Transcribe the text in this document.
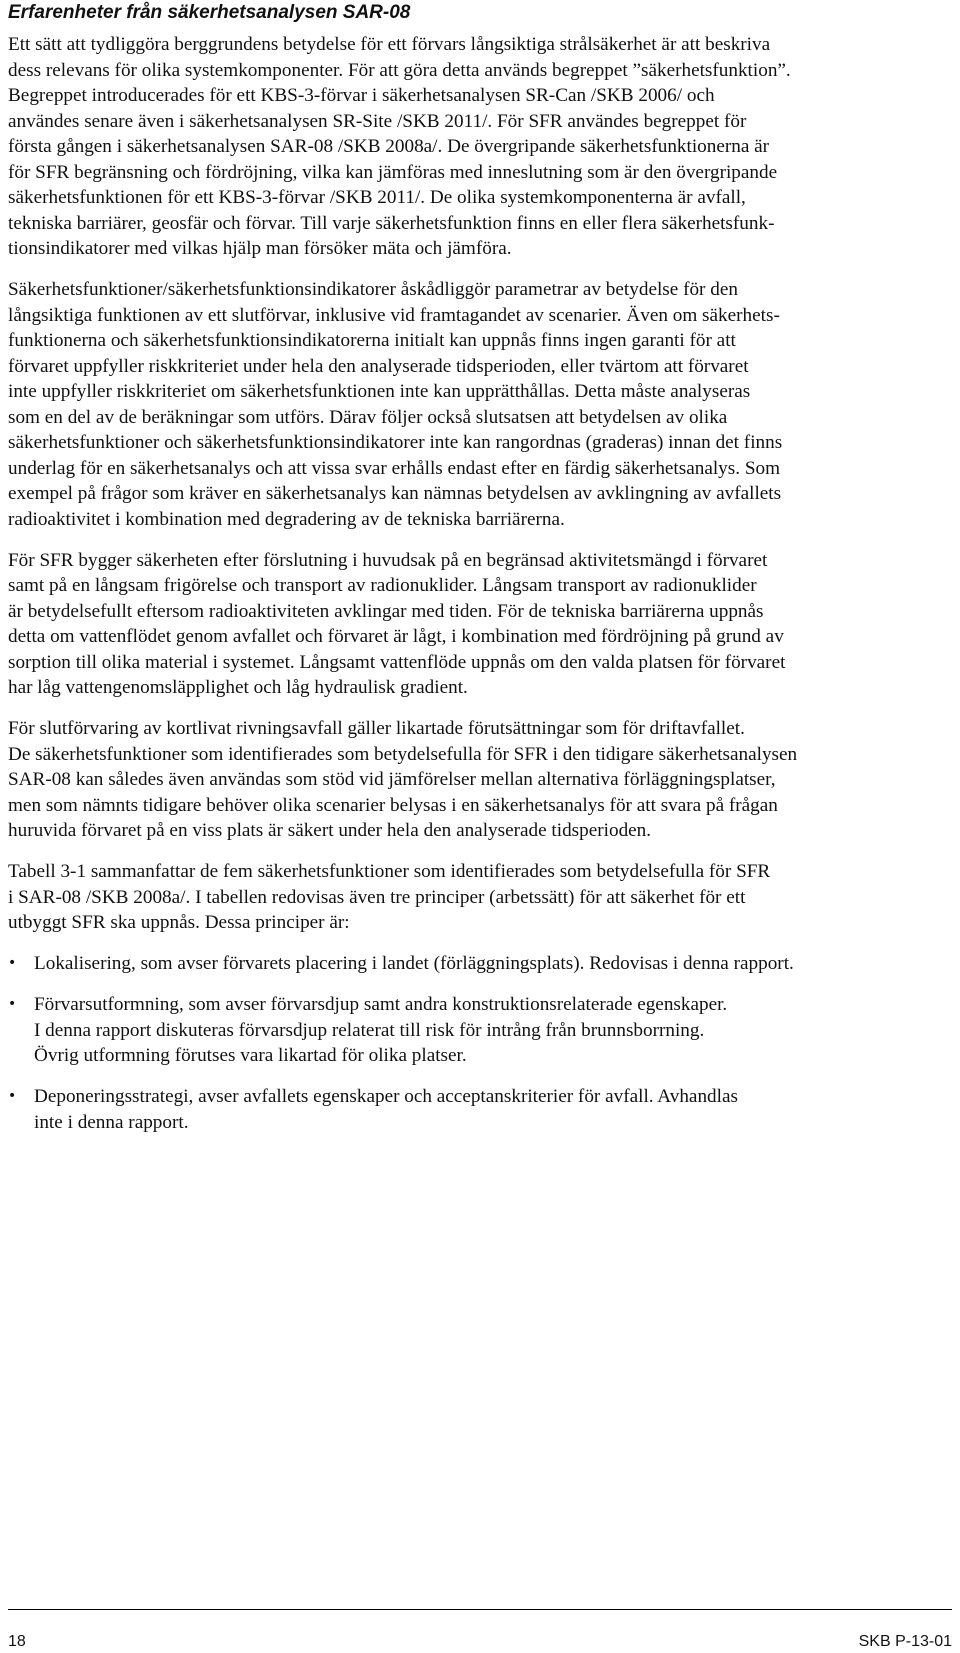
Erfarenheter från säkerhetsanalysen SAR-08

Ett sätt att tydliggöra berggrundens betydelse för ett förvars långsiktiga strålsäkerhet är att beskriva
dess relevans för olika systemkomponenter. För att göra detta används begreppet ”säkerhetsfunktion”.
Begreppet introducerades för ett KBS-3-förvar i säkerhetsanalysen SR-Can /SKB 2006/ och
användes senare även i säkerhetsanalysen SR-Site /SKB 2011/. För SFR användes begreppet för
första gången i säkerhetsanalysen SAR-08 /SKB 2008a/. De övergripande säkerhetsfunktionerna är
för SFR begränsning och fördröjning, vilka kan jämföras med inneslutning som är den övergripande
säkerhetsfunktionen för ett KBS-3-förvar /SKB 2011/. De olika systemkomponenterna är avfall,
tekniska barriärer, geosfär och förvar. Till varje säkerhetsfunktion finns en eller flera säkerhetsfunk-
tionsindikatorer med vilkas hjälp man försöker mäta och jämföra.

Säkerhetsfunktioner/säkerhetsfunktionsindikatorer åskådliggör parametrar av betydelse för den
långsiktiga funktionen av ett slutförvar, inklusive vid framtagandet av scenarier. Även om säkerhets-
funktionerna och säkerhetsfunktionsindikatorerna initialt kan uppnås finns ingen garanti för att
förvaret uppfyller riskkriteriet under hela den analyserade tidsperioden, eller tvärtom att förvaret
inte uppfyller riskkriteriet om säkerhetsfunktionen inte kan upprätthållas. Detta måste analyseras
som en del av de beräkningar som utförs. Därav följer också slutsatsen att betydelsen av olika
säkerhetsfunktioner och säkerhetsfunktionsindikatorer inte kan rangordnas (graderas) innan det finns
underlag för en säkerhetsanalys och att vissa svar erhålls endast efter en färdig säkerhetsanalys. Som
exempel på frågor som kräver en säkerhetsanalys kan nämnas betydelsen av avklingning av avfallets
radioaktivitet i kombination med degradering av de tekniska barriärerna.

För SFR bygger säkerheten efter förslutning i huvudsak på en begränsad aktivitetsmängd i förvaret
samt på en långsam frigörelse och transport av radionuklider. Långsam transport av radionuklider
är betydelsefullt eftersom radioaktiviteten avklingar med tiden. För de tekniska barriärerna uppnås
detta om vattenflödet genom avfallet och förvaret är lågt, i kombination med fördröjning på grund av
sorption till olika material i systemet. Långsamt vattenflöde uppnås om den valda platsen för förvaret
har låg vattengenomsläpplighet och låg hydraulisk gradient.

För slutförvaring av kortlivat rivningsavfall gäller likartade förutsättningar som för driftavfallet.
De säkerhetsfunktioner som identifierades som betydelsefulla för SFR i den tidigare säkerhetsanalysen
SAR-08 kan således även användas som stöd vid jämförelser mellan alternativa förläggningsplatser,
men som nämnts tidigare behöver olika scenarier belysas i en säkerhetsanalys för att svara på frågan
huruvida förvaret på en viss plats är säkert under hela den analyserade tidsperioden.

Tabell 3-1 sammanfattar de fem säkerhetsfunktioner som identifierades som betydelsefulla för SFR
i SAR-08 /SKB 2008a/. I tabellen redovisas även tre principer (arbetssätt) för att säkerhet för ett
utbyggt SFR ska uppnås. Dessa principer är:

• Lokalisering, som avser förvarets placering i landet (förläggningsplats). Redovisas i denna rapport.
• Förvarsutformning, som avser förvarsdjup samt andra konstruktionsrelaterade egenskaper.
I denna rapport diskuteras förvarsdjup relaterat till risk för intrång från brunnsborrning.
Övrig utformning förutses vara likartad för olika platser.
• Deponeringsstrategi, avser avfallets egenskaper och acceptanskriterier för avfall. Avhandlas
inte i denna rapport.
18	SKB P-13-01
